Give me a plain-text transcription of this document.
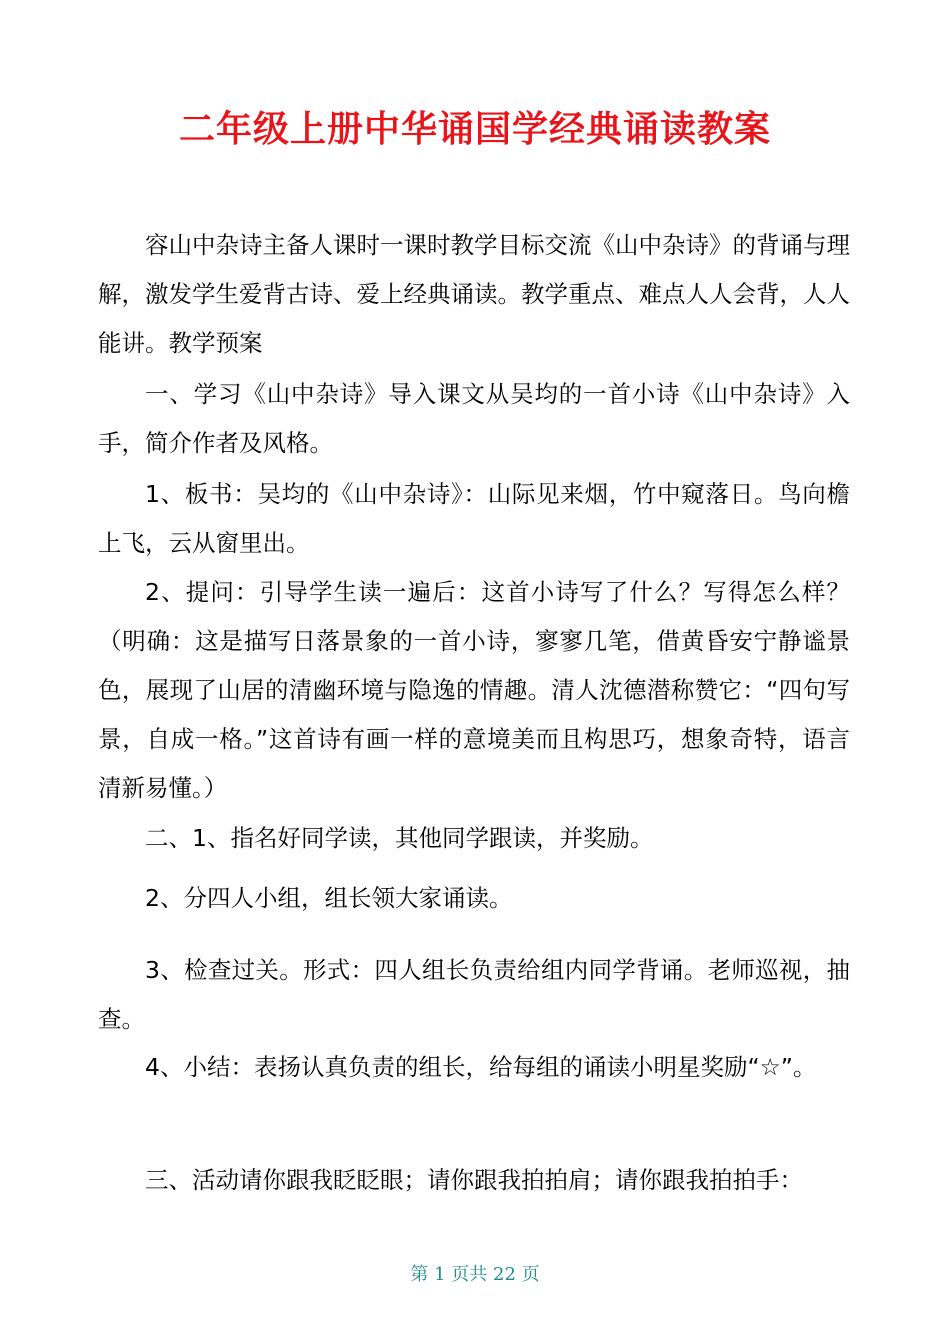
二年级上册中华诵国学经典诵读教案

容山中杂诗主备人课时一课时教学目标交流《山中杂诗》的背诵与理解，激发学生爱背古诗、爱上经典诵读。教学重点、难点人人会背，人人能讲。教学预案

一、学习《山中杂诗》导入课文从吴均的一首小诗《山中杂诗》入手，简介作者及风格。

1、板书：吴均的《山中杂诗》：山际见来烟，竹中窥落日。鸟向檐上飞，云从窗里出。

2、提问：引导学生读一遍后：这首小诗写了什么？写得怎么样？（明确：这是描写日落景象的一首小诗，寥寥几笔，借黄昏安宁静谧景色，展现了山居的清幽环境与隐逸的情趣。清人沈德潜称赞它：“四句写景，自成一格。”这首诗有画一样的意境美而且构思巧，想象奇特，语言清新易懂。）

二、1、指名好同学读，其他同学跟读，并奖励。

2、分四人小组，组长领大家诵读。

3、检查过关。形式：四人组长负责给组内同学背诵。老师巡视，抽查。

4、小结：表扬认真负责的组长，给每组的诵读小明星奖励“☆”。

三、活动请你跟我眨眨眼；请你跟我拍拍肩；请你跟我拍拍手：

第 1 页共 22 页
